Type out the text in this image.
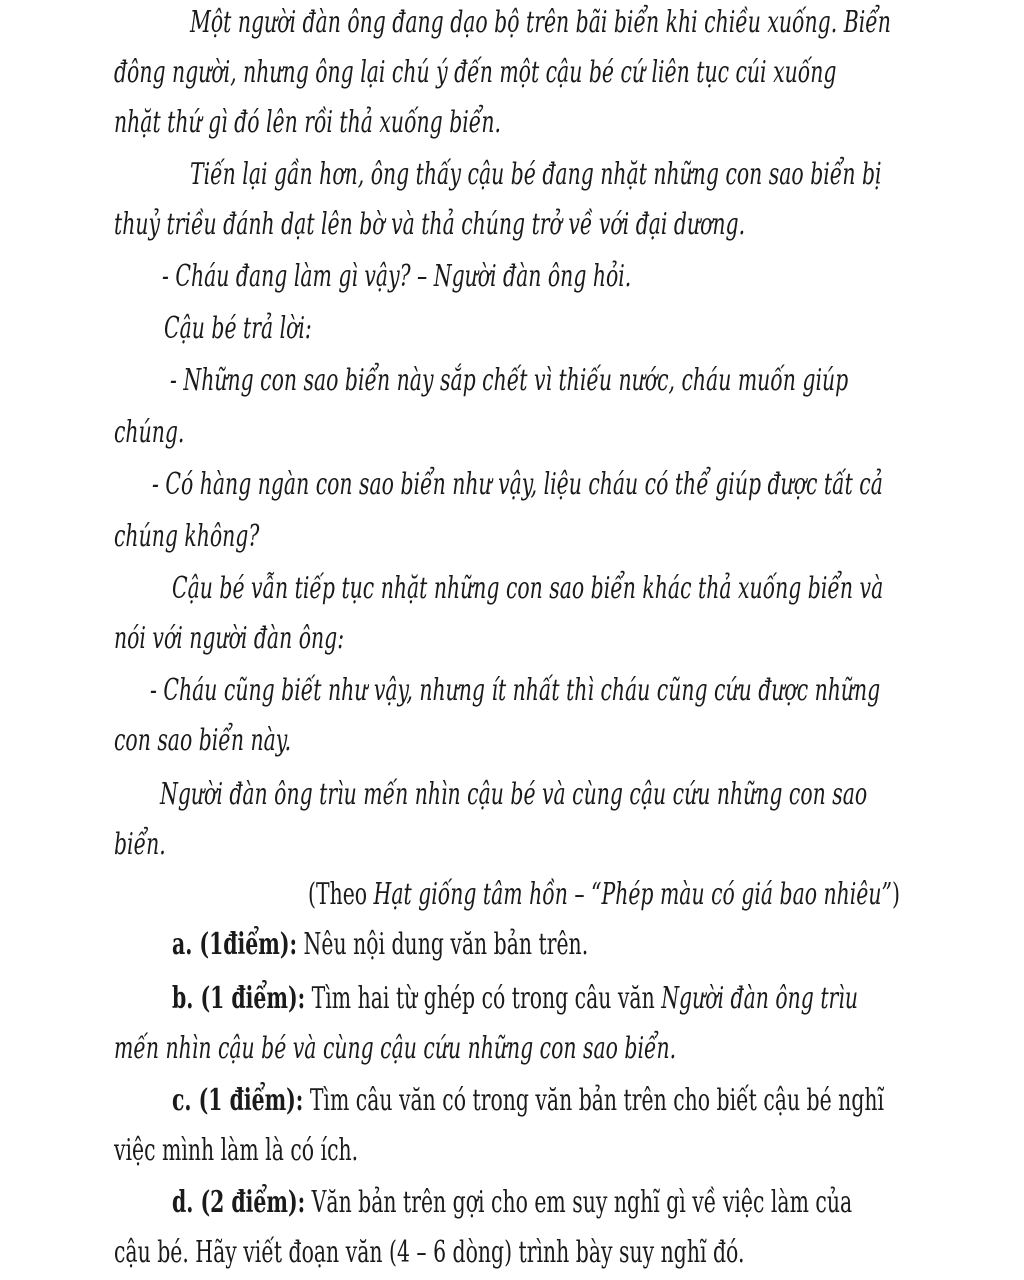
Một người đàn ông đang dạo bộ trên bãi biển khi chiều xuống. Biển
đông người, nhưng ông lại chú ý đến một cậu bé cứ liên tục cúi xuống
nhặt thứ gì đó lên rồi thả xuống biển.
Tiến lại gần hơn, ông thấy cậu bé đang nhặt những con sao biển bị
thuỷ triều đánh dạt lên bờ và thả chúng trở về với đại dương.
- Cháu đang làm gì vậy? – Người đàn ông hỏi.
Cậu bé trả lời:
- Những con sao biển này sắp chết vì thiếu nước, cháu muốn giúp
chúng.
- Có hàng ngàn con sao biển như vậy, liệu cháu có thể giúp được tất cả
chúng không?
Cậu bé vẫn tiếp tục nhặt những con sao biển khác thả xuống biển và
nói với người đàn ông:
- Cháu cũng biết như vậy, nhưng ít nhất thì cháu cũng cứu được những
con sao biển này.
Người đàn ông trìu mến nhìn cậu bé và cùng cậu cứu những con sao
biển.
(Theo Hạt giống tâm hồn – “Phép màu có giá bao nhiêu”)
a. (1điểm): Nêu nội dung văn bản trên.
b. (1 điểm): Tìm hai từ ghép có trong câu văn Người đàn ông trìu
mến nhìn cậu bé và cùng cậu cứu những con sao biển.
c. (1 điểm): Tìm câu văn có trong văn bản trên cho biết cậu bé nghĩ
việc mình làm là có ích.
d. (2 điểm): Văn bản trên gợi cho em suy nghĩ gì về việc làm của
cậu bé. Hãy viết đoạn văn (4 – 6 dòng) trình bày suy nghĩ đó.
